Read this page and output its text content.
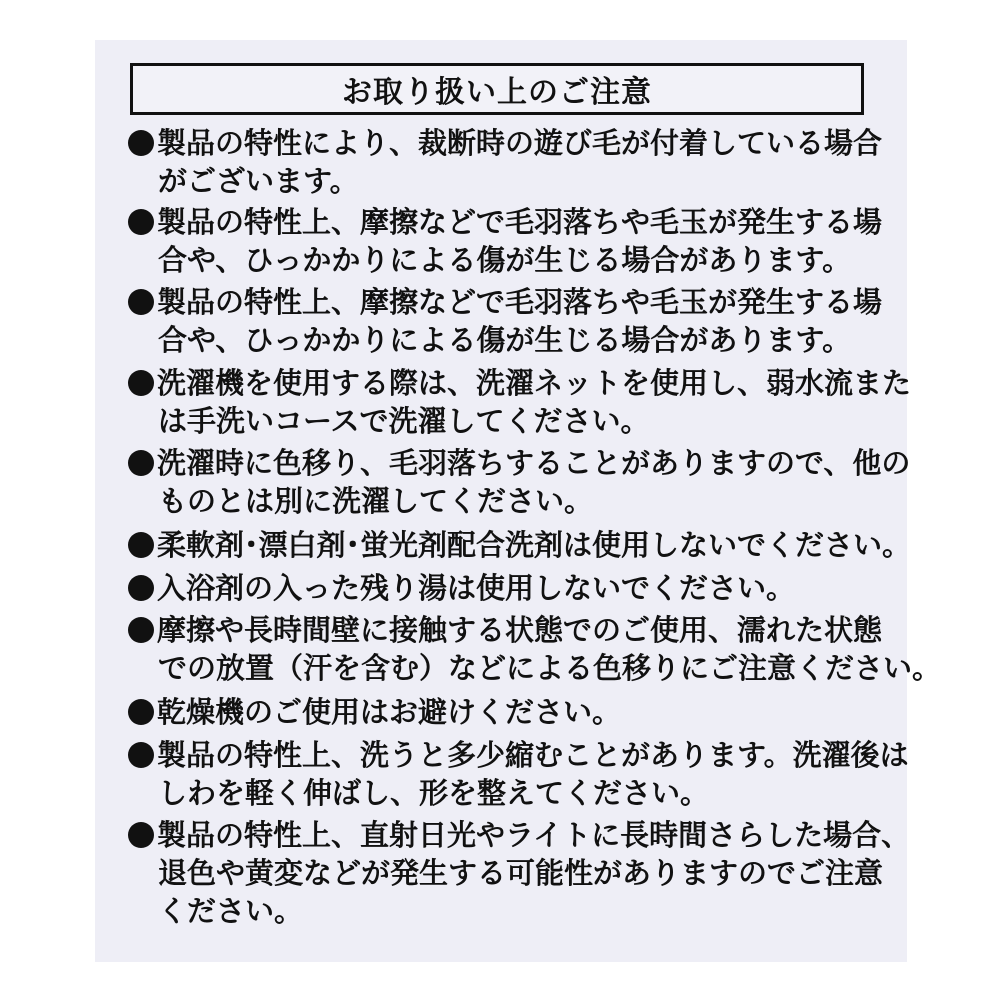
お取り扱い上のご注意
製品の特性により、裁断時の遊び毛が付着している場合
がございます。
製品の特性上、摩擦などで毛羽落ちや毛玉が発生する場
合や、ひっかかりによる傷が生じる場合があります。
製品の特性上、摩擦などで毛羽落ちや毛玉が発生する場
合や、ひっかかりによる傷が生じる場合があります。
洗濯機を使用する際は、洗濯ネットを使用し、弱水流また
は手洗いコースで洗濯してください。
洗濯時に色移り、毛羽落ちすることがありますので、他の
ものとは別に洗濯してください。
柔軟剤･漂白剤･蛍光剤配合洗剤は使用しないでください。
入浴剤の入った残り湯は使用しないでください。
摩擦や長時間壁に接触する状態でのご使用、濡れた状態
での放置（汗を含む）などによる色移りにご注意ください。
乾燥機のご使用はお避けください。
製品の特性上、洗うと多少縮むことがあります。洗濯後は
しわを軽く伸ばし、形を整えてください。
製品の特性上、直射日光やライトに長時間さらした場合、
退色や黄変などが発生する可能性がありますのでご注意
ください。
